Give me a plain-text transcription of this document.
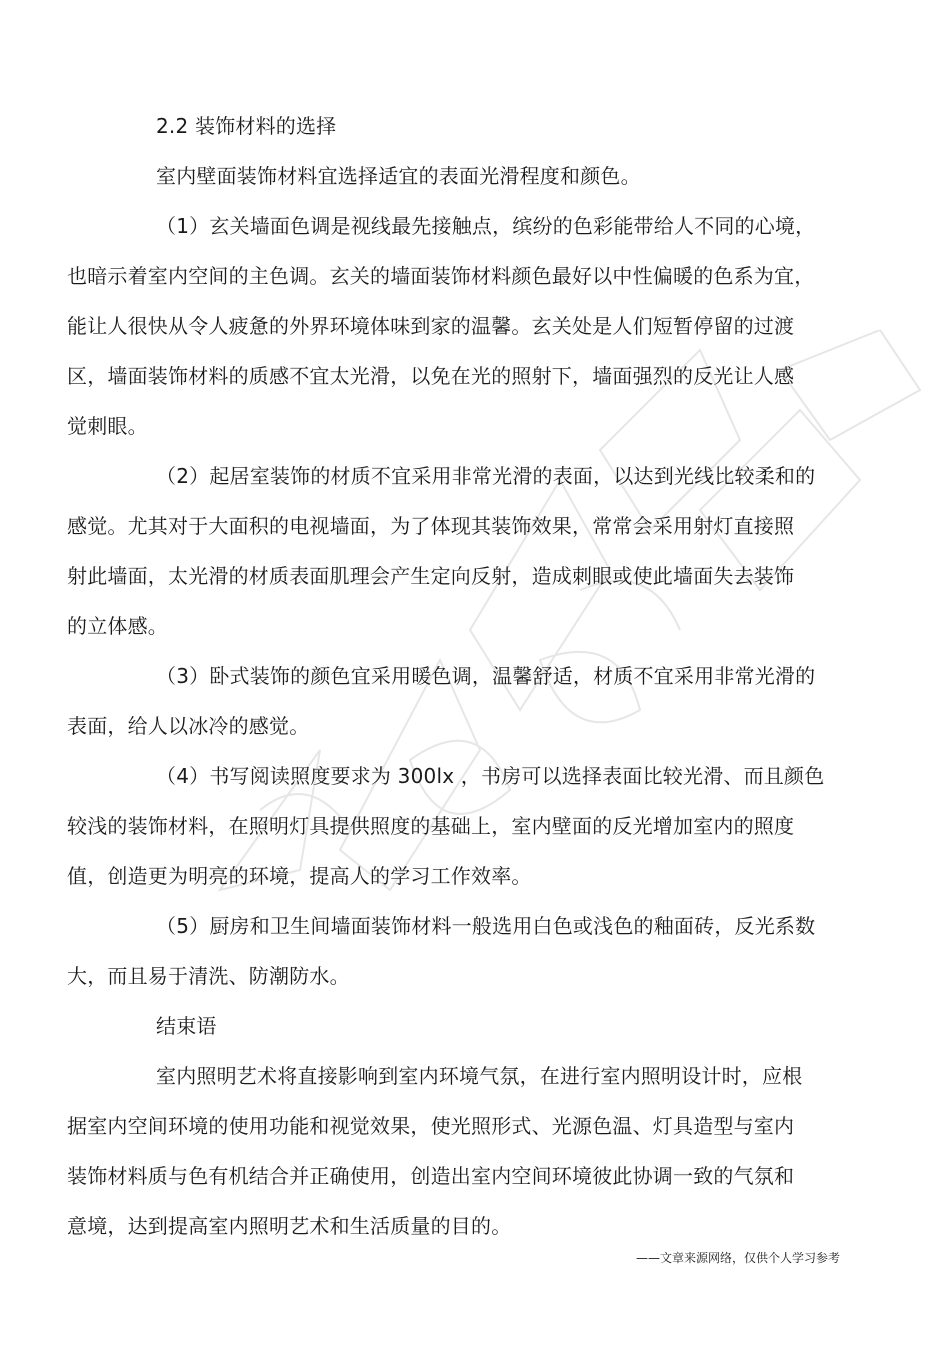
2.2 装饰材料的选择
室内壁面装饰材料宜选择适宜的表面光滑程度和颜色。
（1）玄关墙面色调是视线最先接触点，缤纷的色彩能带给人不同的心境，
也暗示着室内空间的主色调。玄关的墙面装饰材料颜色最好以中性偏暖的色系为宜，
能让人很快从令人疲惫的外界环境体味到家的温馨。玄关处是人们短暂停留的过渡
区，墙面装饰材料的质感不宜太光滑，以免在光的照射下，墙面强烈的反光让人感
觉刺眼。
（2）起居室装饰的材质不宜采用非常光滑的表面，以达到光线比较柔和的
感觉。尤其对于大面积的电视墙面，为了体现其装饰效果，常常会采用射灯直接照
射此墙面，太光滑的材质表面肌理会产生定向反射，造成刺眼或使此墙面失去装饰
的立体感。
（3）卧式装饰的颜色宜采用暖色调，温馨舒适，材质不宜采用非常光滑的
表面，给人以冰冷的感觉。
（4）书写阅读照度要求为 300lx ，书房可以选择表面比较光滑、而且颜色
较浅的装饰材料，在照明灯具提供照度的基础上，室内壁面的反光增加室内的照度
值，创造更为明亮的环境，提高人的学习工作效率。
（5）厨房和卫生间墙面装饰材料一般选用白色或浅色的釉面砖，反光系数
大，而且易于清洗、防潮防水。
结束语
室内照明艺术将直接影响到室内环境气氛，在进行室内照明设计时，应根
据室内空间环境的使用功能和视觉效果，使光照形式、光源色温、灯具造型与室内
装饰材料质与色有机结合并正确使用，创造出室内空间环境彼此协调一致的气氛和
意境，达到提高室内照明艺术和生活质量的目的。
——文章来源网络，仅供个人学习参考
